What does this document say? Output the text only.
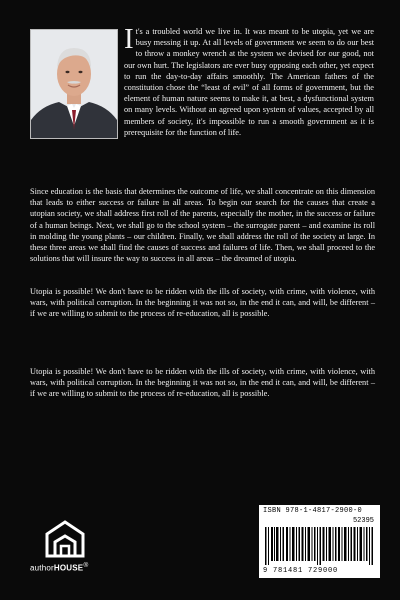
It's a troubled world we live in. It was meant to be utopia, yet we are busy messing it up. At all levels of government we seem to do our best to throw a monkey wrench at the system we devised for our good, not our own hurt. The legislators are ever busy opposing each other, yet expect to run the day-to-day affairs smoothly. The American fathers of the constitution chose the “least of evil” of all forms of government, but the element of human nature seems to make it, at best, a dysfunctional system on many levels. Without an agreed upon system of values, accepted by all members of society, it's impossible to run a smooth government as it is prerequisite for the function of life.

Since education is the basis that determines the outcome of life, we shall concentrate on this dimension that leads to either success or failure in all areas. To begin our search for the causes that create a utopian society, we shall address first roll of the parents, especially the mother, in the success or failure of a human beings. Next, we shall go to the school system – the surrogate parent – and examine its roll in molding the young plants – our children. Finally, we shall address the roll of the society at large. In these three areas we shall find the causes of success and failures of life. Then, we shall proceed to the solutions that will insure the way to success in all areas – the dreamed of utopia.

Utopia is possible! We don't have to be ridden with the ills of society, with crime, with violence, with wars, with political corruption. In the beginning it was not so, in the end it can, and will, be different – if we are willing to submit to the process of re-education, all is possible.

Utopia is possible! We don't have to be ridden with the ills of society, with crime, with violence, with wars, with political corruption. In the beginning it was not so, in the end it can, and will, be different – if we are willing to submit to the process of re-education, all is possible.

authorHOUSE®
ISBN 978-1-4817-2900-0
52395
9 781481 729000
